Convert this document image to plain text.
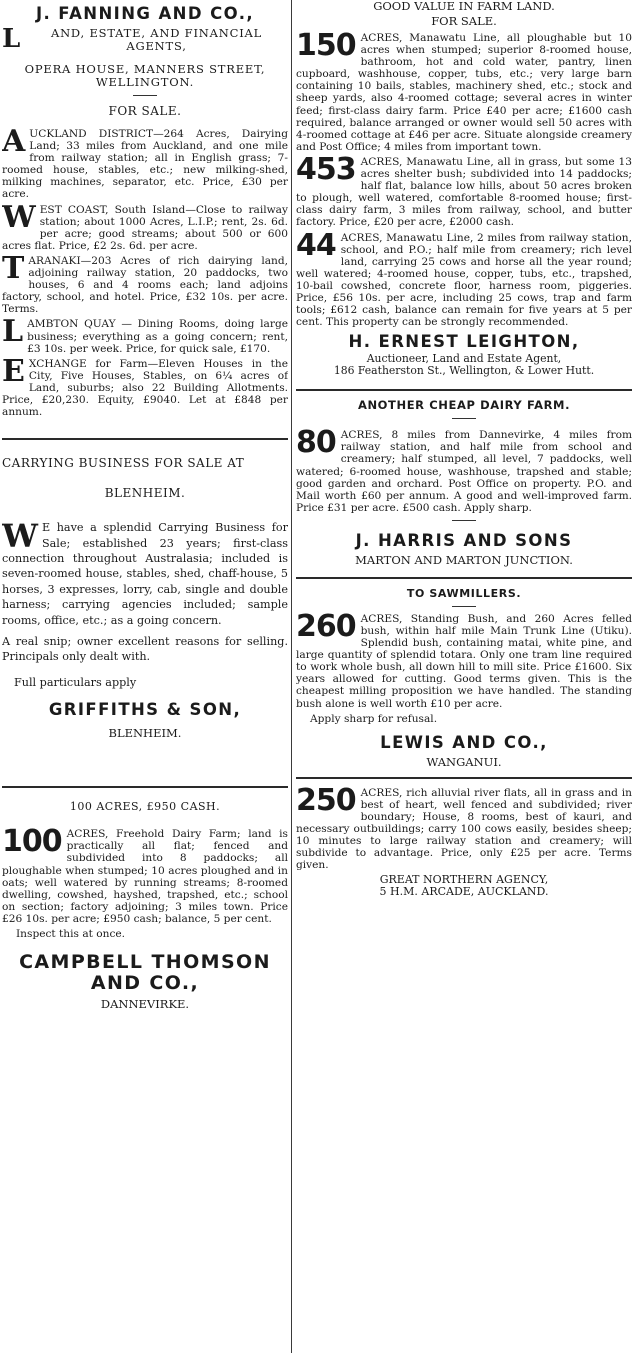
J. FANNING AND CO.,
L	AND, ESTATE, AND FINANCIAL AGENTS,
OPERA HOUSE, MANNERS STREET, WELLINGTON.
FOR SALE.
A UCKLAND DISTRICT—264 Acres, Dairying Land; 33 miles from Auckland, and one mile from railway station; all in English grass; 7-roomed house, stables, etc.; new milking-shed, milking machines, separator, etc. Price, £30 per acre.
W EST COAST, South Island—Close to railway station; about 1000 Acres, L.I.P.; rent, 2s. 6d. per acre; good streams; about 500 or 600 acres flat. Price, £2 2s. 6d. per acre.
T ARANAKI—203 Acres of rich dairying land, adjoining railway station, 20 paddocks, two houses, 6 and 4 rooms each; land adjoins factory, school, and hotel. Price, £32 10s. per acre. Terms.
L AMBTON QUAY — Dining Rooms, doing large business; everything as a going concern; rent, £3 10s. per week. Price, for quick sale, £170.
E XCHANGE for Farm—Eleven Houses in the City, Five Houses, Stables, on 6¼ acres of Land, suburbs; also 22 Building Allotments. Price, £20,230. Equity, £9040. Let at £848 per annum.
CARRYING BUSINESS FOR SALE AT
BLENHEIM.
W E have a splendid Carrying Business for Sale; established 23 years; first-class connection throughout Australasia; included is seven-roomed house, stables, shed, chaff-house, 5 horses, 3 expresses, lorry, cab, single and double harness; carrying agencies included; sample rooms, office, etc.; as a going concern.
A real snip; owner excellent reasons for selling. Principals only dealt with.
Full particulars apply
GRIFFITHS & SON,
BLENHEIM.
100 ACRES, £950 CASH.
100 ACRES, Freehold Dairy Farm; land is practically all flat; fenced and subdivided into 8 paddocks; all ploughable when stumped; 10 acres ploughed and in oats; well watered by running streams; 8-roomed dwelling, cowshed, hayshed, trapshed, etc.; school on section; factory adjoining; 3 miles town. Price £26 10s. per acre; £950 cash; balance, 5 per cent.
Inspect this at once.
CAMPBELL THOMSON AND CO.,
DANNEVIRKE.
GOOD VALUE IN FARM LAND.
FOR SALE.
150 ACRES, Manawatu Line, all ploughable but 10 acres when stumped; superior 8-roomed house, bathroom, hot and cold water, pantry, linen cupboard, washhouse, copper, tubs, etc.; very large barn containing 10 bails, stables, machinery shed, etc.; stock and sheep yards, also 4-roomed cottage; several acres in winter feed; first-class dairy farm. Price £40 per acre; £1600 cash required, balance arranged or owner would sell 50 acres with 4-roomed cottage at £46 per acre. Situate alongside creamery and Post Office; 4 miles from important town.
453 ACRES, Manawatu Line, all in grass, but some 13 acres shelter bush; subdivided into 14 paddocks; half flat, balance low hills, about 50 acres broken to plough, well watered, comfortable 8-roomed house; first-class dairy farm, 3 miles from railway, school, and butter factory. Price, £20 per acre, £2000 cash.
44 ACRES, Manawatu Line, 2 miles from railway station, school, and P.O.; half mile from creamery; rich level land, carrying 25 cows and horse all the year round; well watered; 4-roomed house, copper, tubs, etc., trapshed, 10-bail cowshed, concrete floor, harness room, piggeries. Price, £56 10s. per acre, including 25 cows, trap and farm tools; £612 cash, balance can remain for five years at 5 per cent. This property can be strongly recommended.
H. ERNEST LEIGHTON,
Auctioneer, Land and Estate Agent,
186 Featherston St., Wellington, & Lower Hutt.
ANOTHER CHEAP DAIRY FARM.
80 ACRES, 8 miles from Dannevirke, 4 miles from railway station, and half mile from school and creamery; half stumped, all level, 7 paddocks, well watered; 6-roomed house, washhouse, trapshed and stable; good garden and orchard. Post Office on property. P.O. and Mail worth £60 per annum. A good and well-improved farm. Price £31 per acre. £500 cash. Apply sharp.
J. HARRIS AND SONS
MARTON AND MARTON JUNCTION.
TO SAWMILLERS.
260 ACRES, Standing Bush, and 260 Acres felled bush, within half mile Main Trunk Line (Utiku). Splendid bush, containing matai, white pine, and large quantity of splendid totara. Only one tram line required to work whole bush, all down hill to mill site. Price £1600. Six years allowed for cutting. Good terms given. This is the cheapest milling proposition we have handled. The standing bush alone is well worth £10 per acre.
Apply sharp for refusal.
LEWIS AND CO.,
WANGANUI.
250 ACRES, rich alluvial river flats, all in grass and in best of heart, well fenced and subdivided; river boundary; House, 8 rooms, best of kauri, and necessary outbuildings; carry 100 cows easily, besides sheep; 10 minutes to large railway station and creamery; will subdivide to advantage. Price, only £25 per acre. Terms given.
GREAT NORTHERN AGENCY,
5 H.M. ARCADE, AUCKLAND.
